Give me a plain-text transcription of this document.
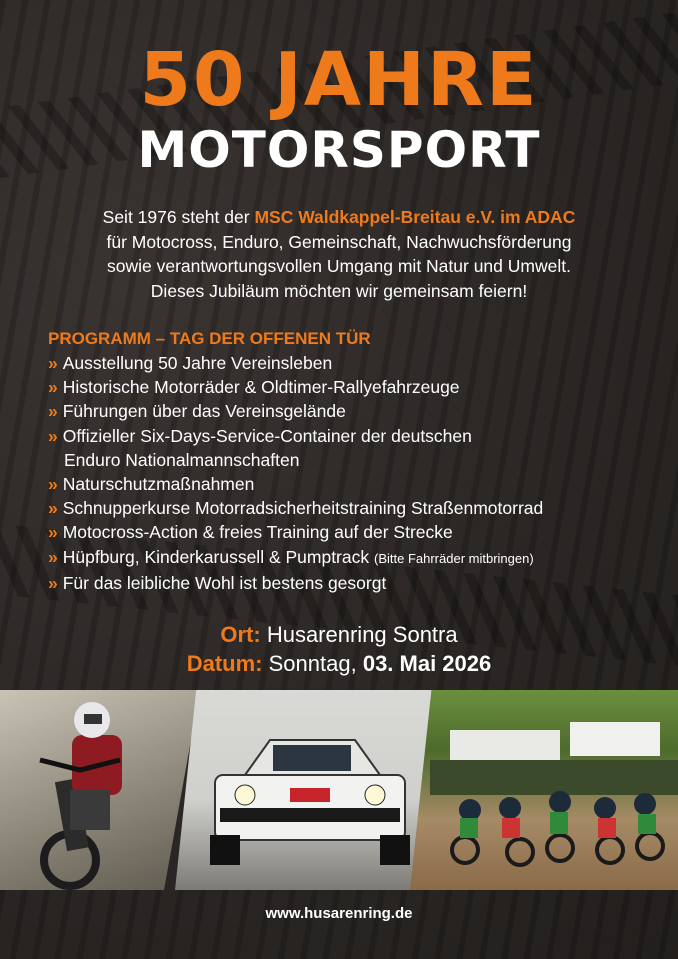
50 JAHRE
MOTORSPORT
Seit 1976 steht der MSC Waldkappel-Breitau e.V. im ADAC
für Motocross, Enduro, Gemeinschaft, Nachwuchsförderung
sowie verantwortungsvollen Umgang mit Natur und Umwelt.
Dieses Jubiläum möchten wir gemeinsam feiern!
PROGRAMM – TAG DER OFFENEN TÜR
» Ausstellung 50 Jahre Vereinsleben
» Historische Motorräder & Oldtimer-Rallyefahrzeuge
» Führungen über das Vereinsgelände
» Offizieller Six-Days-Service-Container der deutschen
Enduro Nationalmannschaften
» Naturschutzmaßnahmen
» Schnupperkurse Motorradsicherheitstraining Straßenmotorrad
» Motocross-Action & freies Training auf der Strecke
» Hüpfburg, Kinderkarussell & Pumptrack (Bitte Fahrräder mitbringen)
» Für das leibliche Wohl ist bestens gesorgt
Ort: Husarenring Sontra
Datum: Sonntag, 03. Mai 2026
www.husarenring.de
